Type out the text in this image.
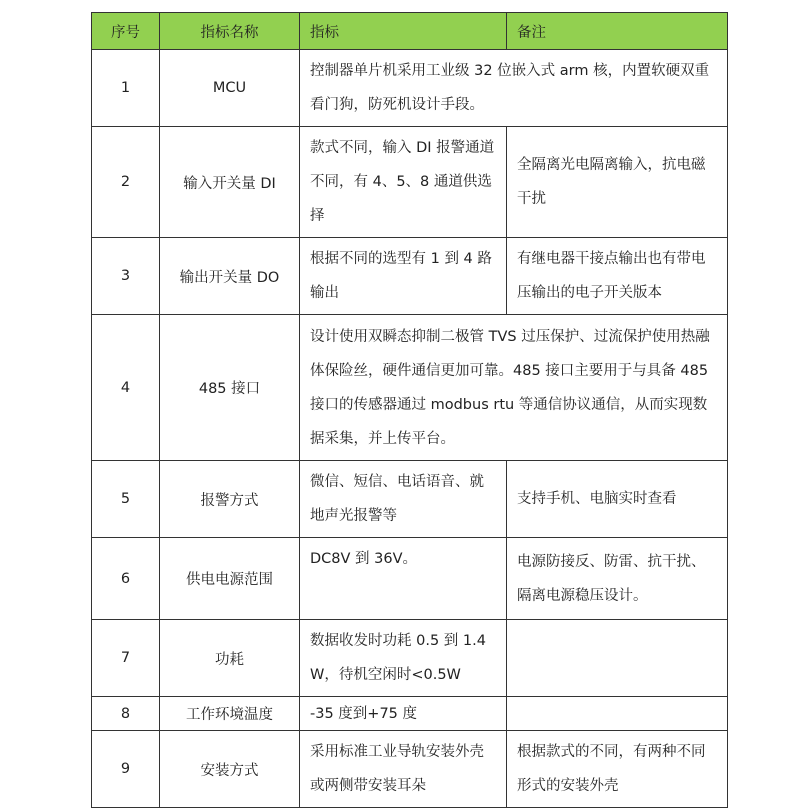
序号	指标名称	指标	备注
1	MCU	控制器单片机采用工业级 32 位嵌入式 arm 核，内置软硬双重看门狗，防死机设计手段。	
2	输入开关量 DI	款式不同，输入 DI 报警通道不同，有 4、5、8 通道供选择	全隔离光电隔离输入，抗电磁干扰
3	输出开关量 DO	根据不同的选型有 1 到 4 路输出	有继电器干接点输出也有带电压输出的电子开关版本
4	485 接口	设计使用双瞬态抑制二极管 TVS 过压保护、过流保护使用热融体保险丝，硬件通信更加可靠。485 接口主要用于与具备 485 接口的传感器通过 modbus rtu 等通信协议通信，从而实现数据采集，并上传平台。	
5	报警方式	微信、短信、电话语音、就地声光报警等	支持手机、电脑实时查看
6	供电电源范围	DC8V 到 36V。	电源防接反、防雷、抗干扰、隔离电源稳压设计。
7	功耗	数据收发时功耗 0.5 到 1.4W，待机空闲时<0.5W	
8	工作环境温度	-35 度到+75 度	
9	安装方式	采用标准工业导轨安装外壳或两侧带安装耳朵	根据款式的不同，有两种不同形式的安装外壳
